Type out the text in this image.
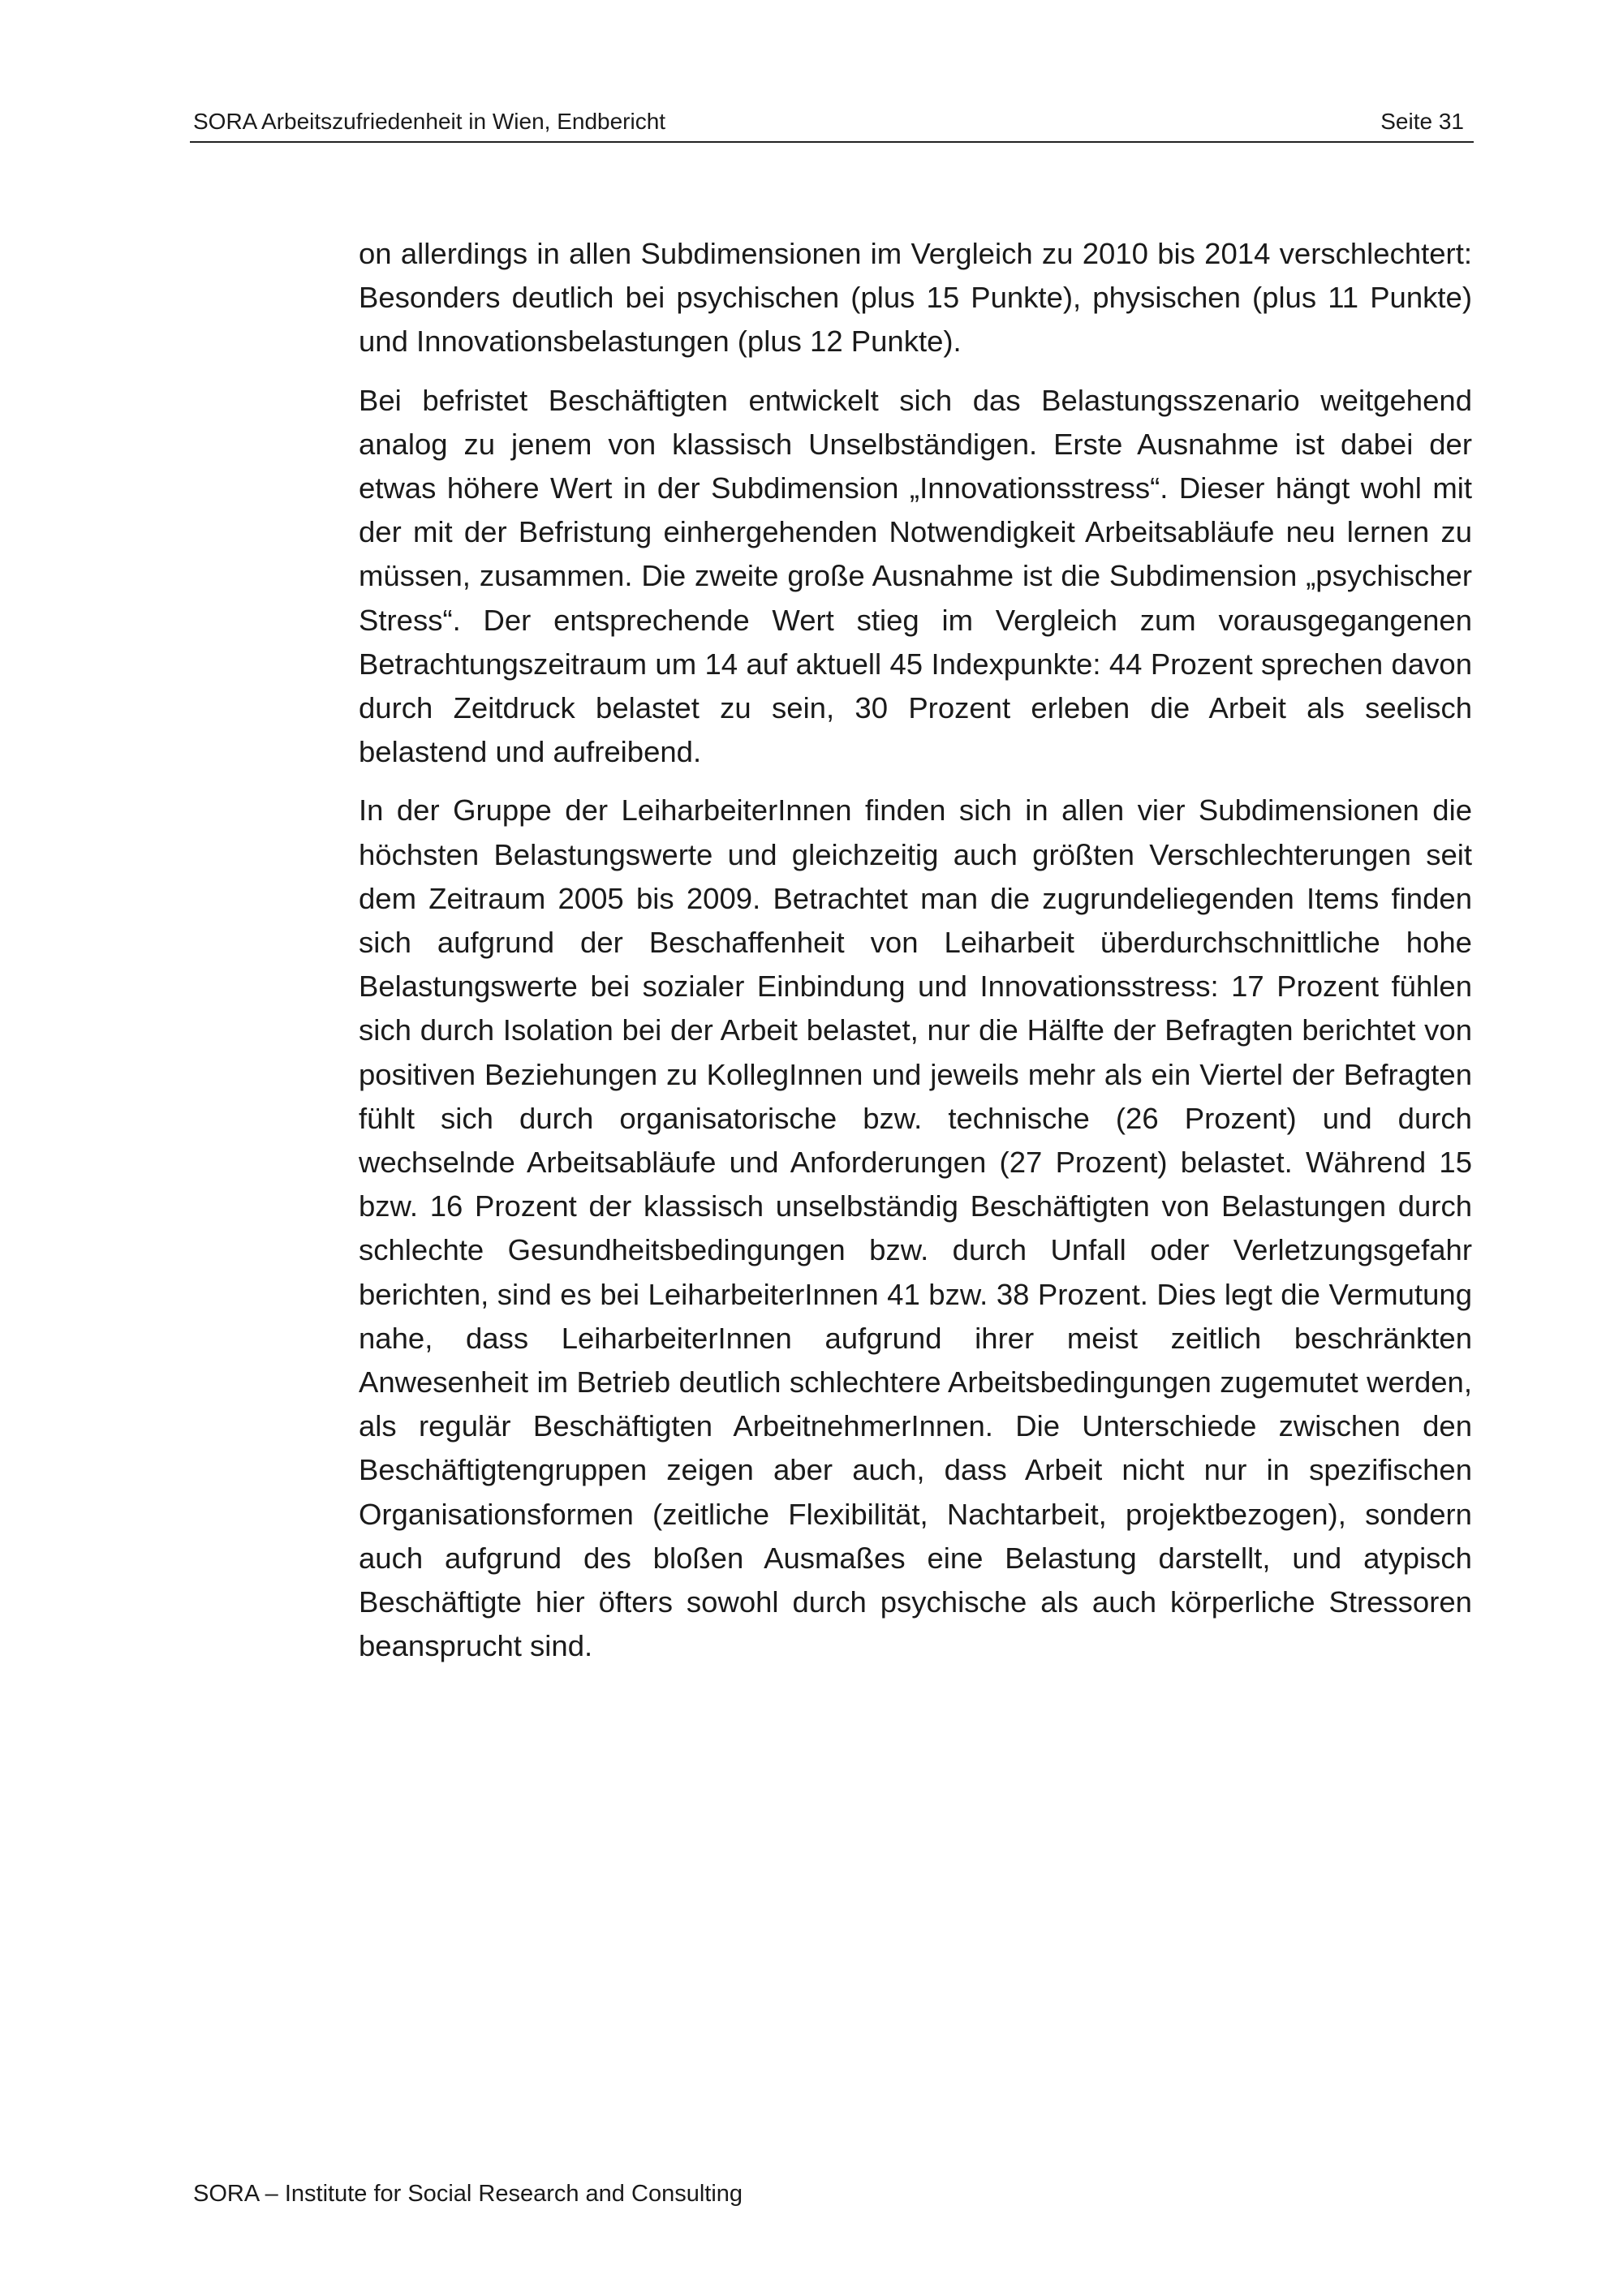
SORA Arbeitszufriedenheit in Wien, Endbericht	Seite 31

on allerdings in allen Subdimensionen im Vergleich zu 2010 bis 2014 verschlechtert: Besonders deutlich bei psychischen (plus 15 Punkte), physischen (plus 11 Punkte) und Innovationsbelastungen (plus 12 Punkte).

Bei befristet Beschäftigten entwickelt sich das Belastungsszenario weitgehend analog zu jenem von klassisch Unselbständigen. Erste Ausnahme ist dabei der etwas höhere Wert in der Subdimension „Innovationsstress“. Dieser hängt wohl mit der mit der Befristung einhergehenden Notwendigkeit Arbeitsabläufe neu lernen zu müssen, zusammen. Die zweite große Ausnahme ist die Subdimension „psychischer Stress“. Der entsprechende Wert stieg im Vergleich zum vorausgegangenen Betrachtungszeitraum um 14 auf aktuell 45 Indexpunkte: 44 Prozent sprechen davon durch Zeitdruck belastet zu sein, 30 Prozent erleben die Arbeit als seelisch belastend und aufreibend.

In der Gruppe der LeiharbeiterInnen finden sich in allen vier Subdimensionen die höchsten Belastungswerte und gleichzeitig auch größten Verschlechterungen seit dem Zeitraum 2005 bis 2009. Betrachtet man die zugrundeliegenden Items finden sich aufgrund der Beschaffenheit von Leiharbeit überdurchschnittliche hohe Belastungswerte bei sozialer Einbindung und Innovationsstress: 17 Prozent fühlen sich durch Isolation bei der Arbeit belastet, nur die Hälfte der Befragten berichtet von positiven Beziehungen zu KollegInnen und jeweils mehr als ein Viertel der Befragten fühlt sich durch organisatorische bzw. technische (26 Prozent) und durch wechselnde Arbeitsabläufe und Anforderungen (27 Prozent) belastet. Während 15 bzw. 16 Prozent der klassisch unselbständig Beschäftigten von Belastungen durch schlechte Gesundheitsbedingungen bzw. durch Unfall oder Verletzungsgefahr berichten, sind es bei LeiharbeiterInnen 41 bzw. 38 Prozent. Dies legt die Vermutung nahe, dass LeiharbeiterInnen aufgrund ihrer meist zeitlich beschränkten Anwesenheit im Betrieb deutlich schlechtere Arbeitsbedingungen zugemutet werden, als regulär Beschäftigten ArbeitnehmerInnen. Die Unterschiede zwischen den Beschäftigtengruppen zeigen aber auch, dass Arbeit nicht nur in spezifischen Organisationsformen (zeitliche Flexibilität, Nachtarbeit, projektbezogen), sondern auch aufgrund des bloßen Ausmaßes eine Belastung darstellt, und atypisch Beschäftigte hier öfters sowohl durch psychische als auch körperliche Stressoren beansprucht sind.

SORA – Institute for Social Research and Consulting
